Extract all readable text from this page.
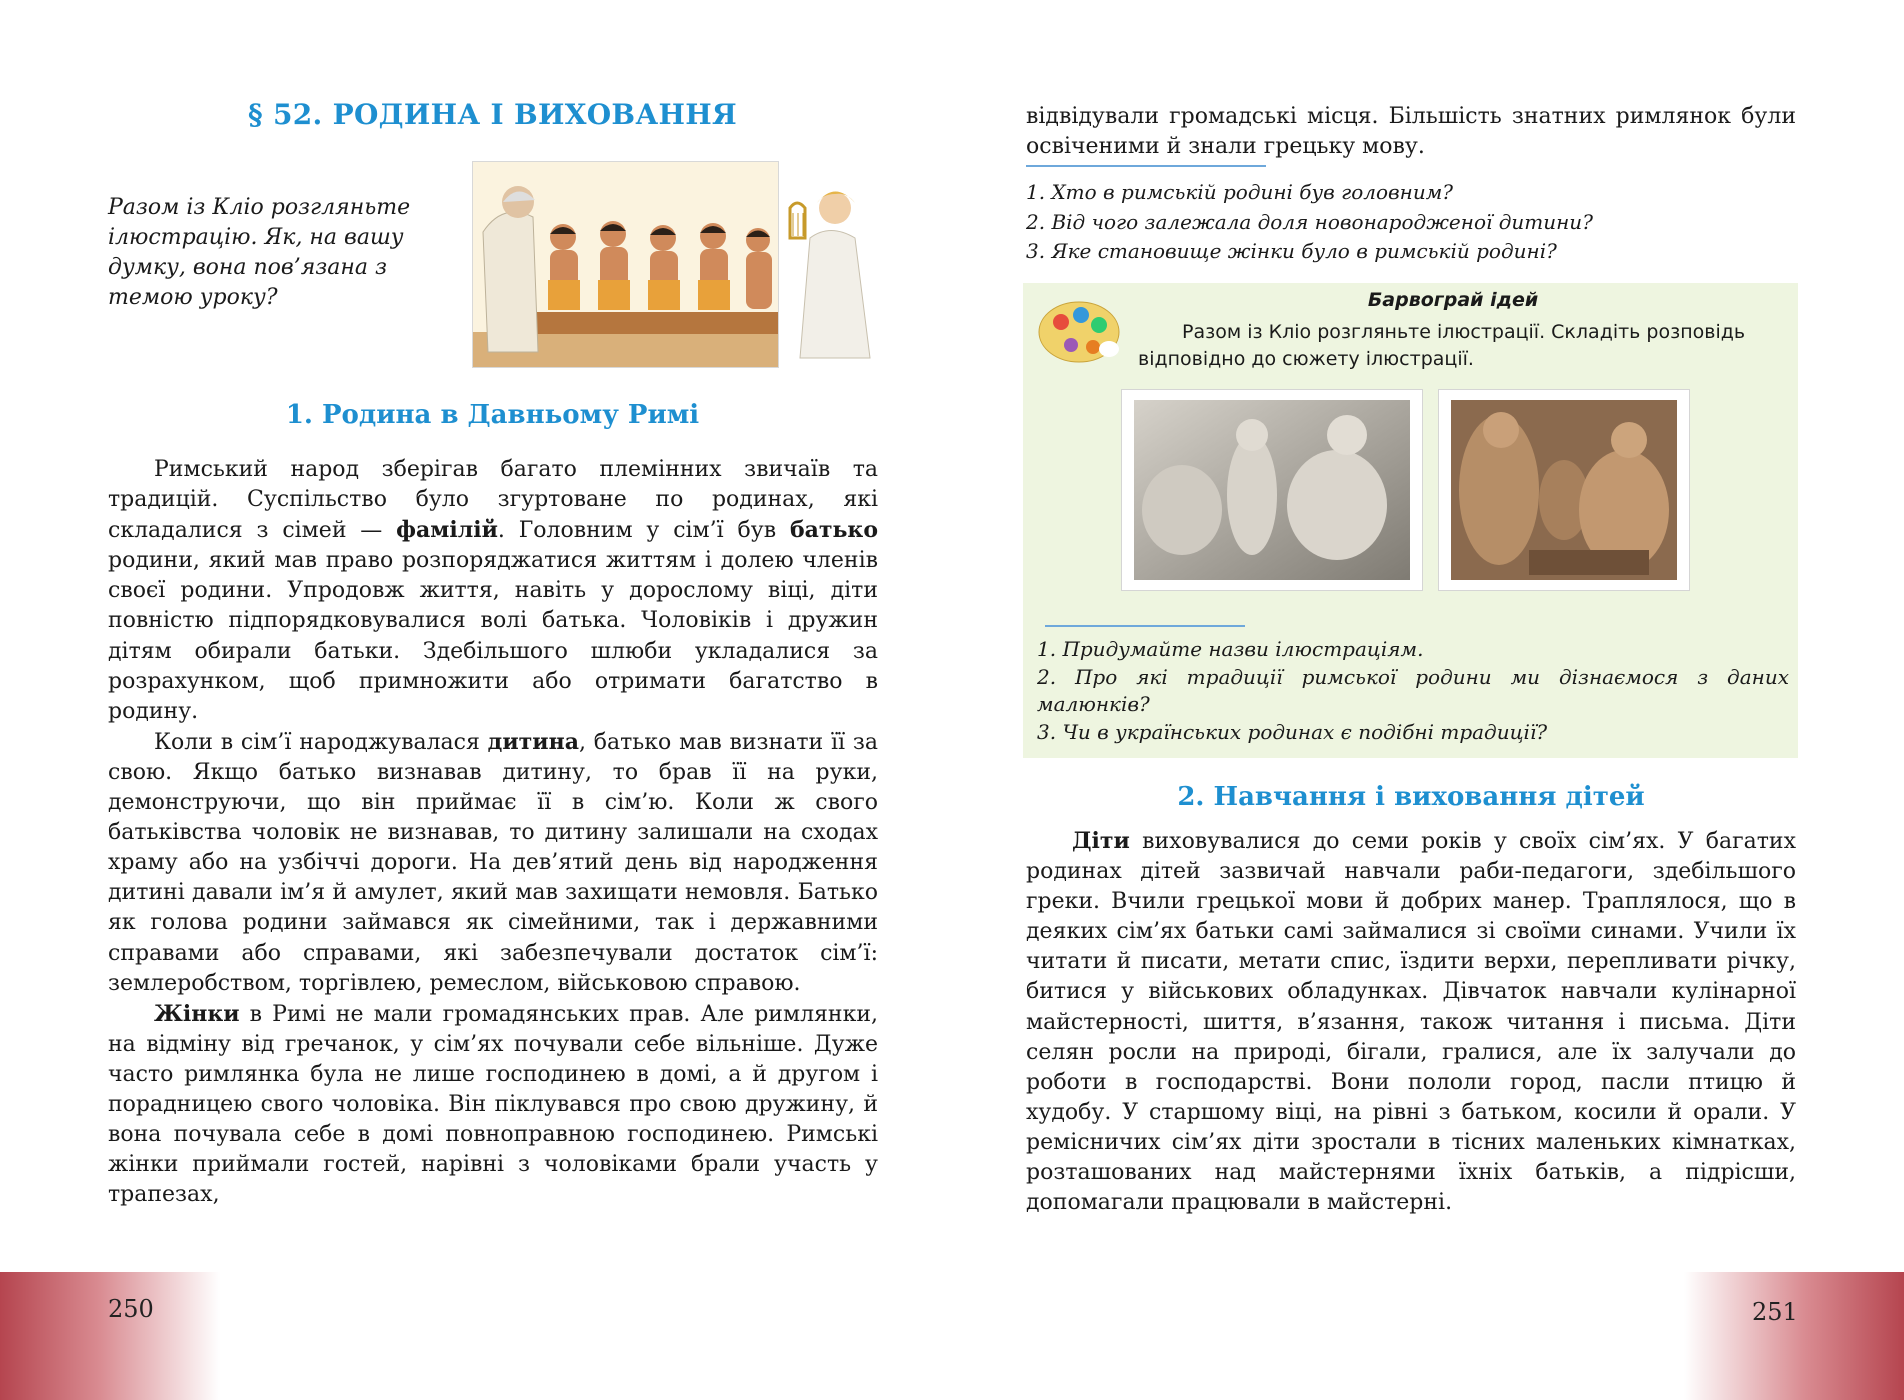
§ 52. РОДИНА І ВИХОВАННЯ
Разом із Кліо розгляньте ілюстрацію. Як, на вашу думку, вона пов’язана з темою уроку?
1. Родина в Давньому Римі

Римський народ зберігав багато племінних звичаїв та традицій. Суспільство було згуртоване по родинах, які складалися з сімей — фамілій. Головним у сім’ї був батько родини, який мав право розпоряджатися життям і долею членів своєї родини. Упродовж життя, навіть у дорослому віці, діти повністю підпорядковувалися волі батька. Чоловіків і дружин дітям обирали батьки. Здебільшого шлюби укладалися за розрахунком, щоб примножити або отримати багатство в родину.

Коли в сім’ї народжувалася дитина, батько мав визнати її за свою. Якщо батько визнавав дитину, то брав її на руки, демонструючи, що він приймає її в сім’ю. Коли ж свого батьківства чоловік не визнавав, то дитину залишали на сходах храму або на узбіччі дороги. На дев’ятий день від народження дитині давали ім’я й амулет, який мав захищати немовля. Батько як голова родини займався як сімейними, так і державними справами або справами, які забезпечували достаток сім’ї: землеробством, торгівлею, ремеслом, військовою справою.

Жінки в Римі не мали громадянських прав. Але римлянки, на відміну від гречанок, у сім’ях почували себе вільніше. Дуже часто римлянка була не лише господинею в домі, а й другом і порадницею свого чоловіка. Він піклувався про свою дружину, й вона почувала себе в домі повноправною господинею. Римські жінки приймали гостей, нарівні з чоловіками брали участь у трапезах,

250
відвідували громадські місця. Більшість знатних римлянок були освіченими й знали грецьку мову.
1. Хто в римській родині був головним?
2. Від чого залежала доля новонародженої дитини?
3. Яке становище жінки було в римській родині?
Барвограй ідей
Разом із Кліо розгляньте ілюстрації. Складіть розповідь відповідно до сюжету ілюстрації.
1. Придумайте назви ілюстраціям.
2. Про які традиції римської родини ми дізнаємося з даних малюнків?
3. Чи в українських родинах є подібні традиції?
2. Навчання і виховання дітей

Діти виховувалися до семи років у своїх сім’ях. У багатих родинах дітей зазвичай навчали раби-педагоги, здебільшого греки. Вчили грецької мови й добрих манер. Траплялося, що в деяких сім’ях батьки самі займалися зі своїми синами. Учили їх читати й писати, метати спис, їздити верхи, перепливати річку, битися у військових обладунках. Дівчаток навчали кулінарної майстерності, шиття, в’язання, також читання і письма. Діти селян росли на природі, бігали, гралися, але їх залучали до роботи в господарстві. Вони пололи город, пасли птицю й худобу. У старшому віці, на рівні з батьком, косили й орали. У ремісничих сім’ях діти зростали в тісних маленьких кімнатках, розташованих над майстернями їхніх батьків, а підрісши, допомагали працювали в майстерні.

251
